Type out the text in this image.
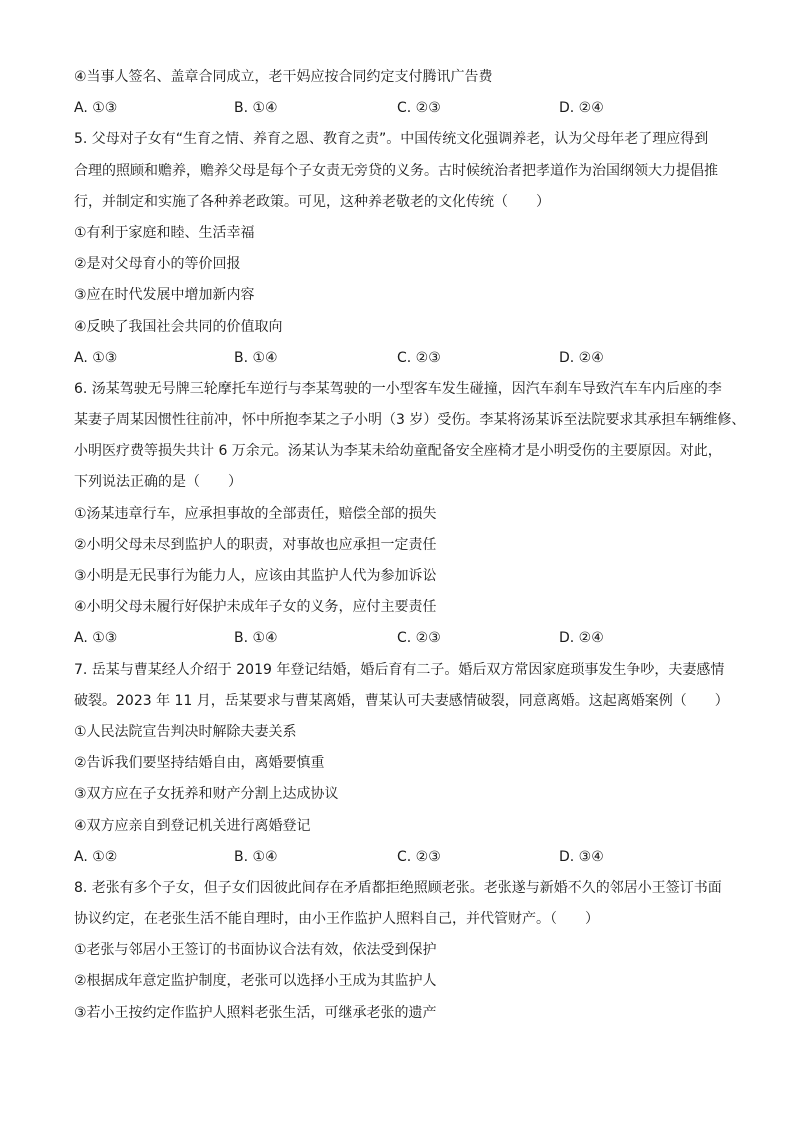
④当事人签名、盖章合同成立，老干妈应按合同约定支付腾讯广告费
A. ①③	B. ①④	C. ②③	D. ②④
5. 父母对子女有“生育之情、养育之恩、教育之责”。中国传统文化强调养老，认为父母年老了理应得到
合理的照顾和赡养，赡养父母是每个子女责无旁贷的义务。古时候统治者把孝道作为治国纲领大力提倡推
行，并制定和实施了各种养老政策。可见，这种养老敬老的文化传统（　　）
①有利于家庭和睦、生活幸福
②是对父母育小的等价回报
③应在时代发展中增加新内容
④反映了我国社会共同的价值取向
A. ①③	B. ①④	C. ②③	D. ②④
6. 汤某驾驶无号牌三轮摩托车逆行与李某驾驶的一小型客车发生碰撞，因汽车刹车导致汽车车内后座的李
某妻子周某因惯性往前冲，怀中所抱李某之子小明（3 岁）受伤。李某将汤某诉至法院要求其承担车辆维修、
小明医疗费等损失共计 6 万余元。汤某认为李某未给幼童配备安全座椅才是小明受伤的主要原因。对此，
下列说法正确的是（　　）
①汤某违章行车，应承担事故的全部责任，赔偿全部的损失
②小明父母未尽到监护人的职责，对事故也应承担一定责任
③小明是无民事行为能力人，应该由其监护人代为参加诉讼
④小明父母未履行好保护未成年子女的义务，应付主要责任
A. ①③	B. ①④	C. ②③	D. ②④
7. 岳某与曹某经人介绍于 2019 年登记结婚，婚后育有二子。婚后双方常因家庭琐事发生争吵，夫妻感情
破裂。2023 年 11 月，岳某要求与曹某离婚，曹某认可夫妻感情破裂，同意离婚。这起离婚案例（　　）
①人民法院宣告判决时解除夫妻关系
②告诉我们要坚持结婚自由，离婚要慎重
③双方应在子女抚养和财产分割上达成协议
④双方应亲自到登记机关进行离婚登记
A. ①②	B. ①④	C. ②③	D. ③④
8. 老张有多个子女，但子女们因彼此间存在矛盾都拒绝照顾老张。老张遂与新婚不久的邻居小王签订书面
协议约定，在老张生活不能自理时，由小王作监护人照料自己，并代管财产。（　　）
①老张与邻居小王签订的书面协议合法有效，依法受到保护
②根据成年意定监护制度，老张可以选择小王成为其监护人
③若小王按约定作监护人照料老张生活，可继承老张的遗产
